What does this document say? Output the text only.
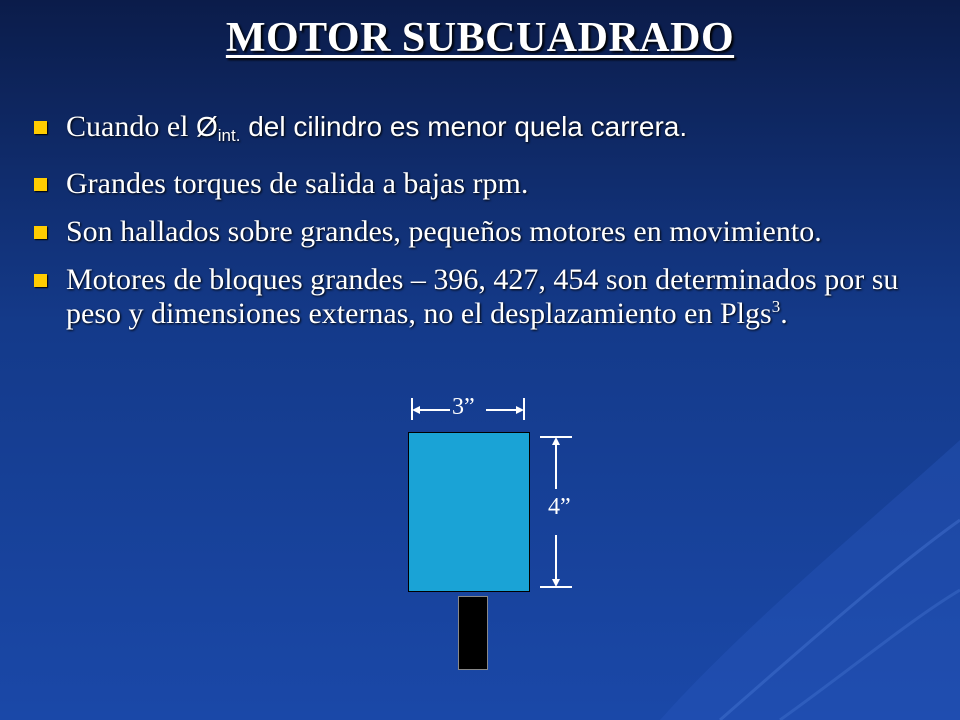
MOTOR SUBCUADRADO
Cuando el $Ø_{int.}$ del cilindro es menor quela carrera.
Grandes torques de salida a bajas rpm.
Son hallados sobre grandes, pequeños motores en movimiento.
Motores de bloques grandes – 396, 427, 454 son determinados por su peso y dimensiones externas, no el desplazamiento en Plgs$^3$.
3”
4”
